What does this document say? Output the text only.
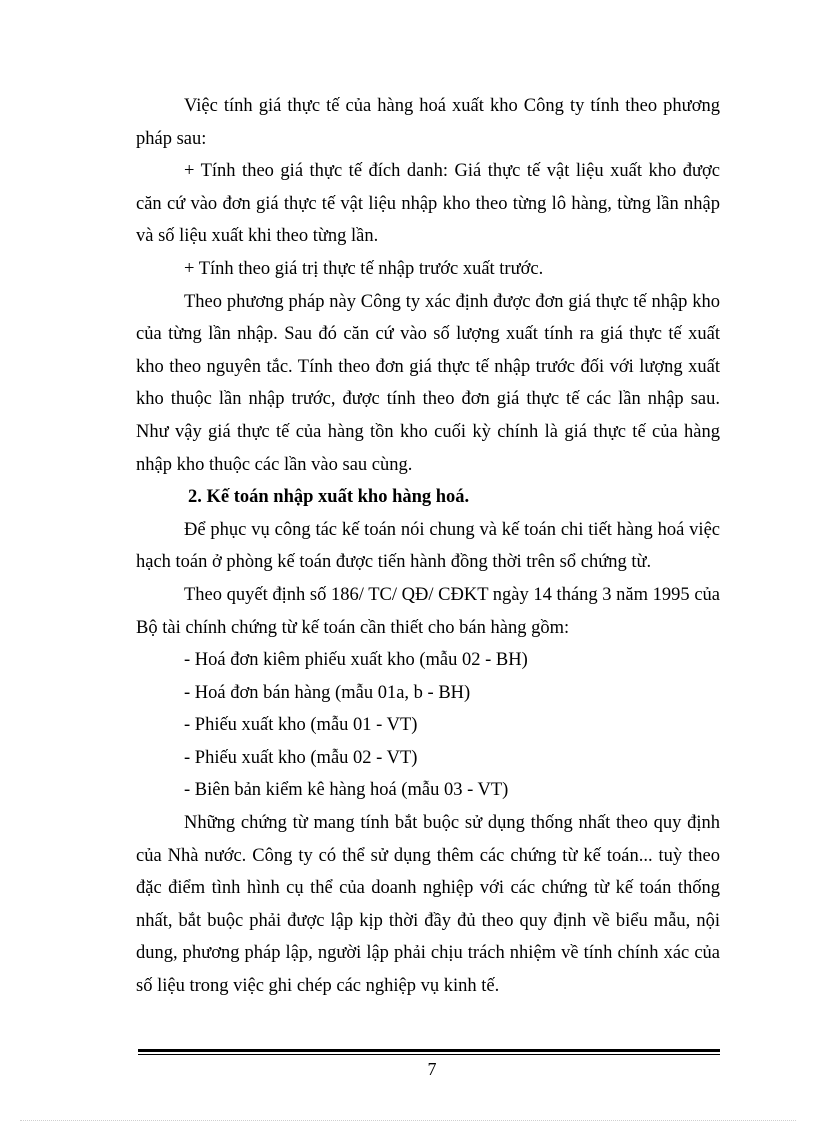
Việc tính giá thực tế của hàng hoá xuất kho Công ty tính theo phương pháp sau:

+ Tính theo giá thực tế đích danh: Giá thực tế vật liệu xuất kho được căn cứ vào đơn giá thực tế vật liệu nhập kho theo từng lô hàng, từng lần nhập và số liệu xuất khi theo từng lần.

+ Tính theo giá trị thực tế nhập trước xuất trước.

Theo phương pháp này Công ty xác định được đơn giá thực tế nhập kho của từng lần nhập. Sau đó căn cứ vào số lượng xuất tính ra giá thực tế xuất kho theo nguyên tắc. Tính theo đơn giá thực tế nhập trước đối với lượng xuất kho thuộc lần nhập trước, được tính theo đơn giá thực tế các lần nhập sau. Như vậy giá thực tế của hàng tồn kho cuối kỳ chính là giá thực tế của hàng nhập kho thuộc các lần vào sau cùng.

2. Kế toán nhập xuất kho hàng hoá.

Để phục vụ công tác kế toán nói chung và kế toán chi tiết hàng hoá việc hạch toán ở phòng kế toán được tiến hành đồng thời trên sổ chứng từ.

Theo quyết định số 186/ TC/ QĐ/ CĐKT ngày 14 tháng 3 năm 1995 của Bộ tài chính chứng từ kế toán cần thiết cho bán hàng gồm:

- Hoá đơn kiêm phiếu xuất kho (mẫu 02 - BH)

- Hoá đơn bán hàng (mẫu 01a, b - BH)

- Phiếu xuất kho (mẫu 01 - VT)

- Phiếu xuất kho (mẫu 02 - VT)

- Biên bản kiểm kê hàng hoá (mẫu 03 - VT)

Những chứng từ mang tính bắt buộc sử dụng thống nhất theo quy định của Nhà nước. Công ty có thể sử dụng thêm các chứng từ kế toán... tuỳ theo đặc điểm tình hình cụ thể của doanh nghiệp với các chứng từ kế toán thống nhất, bắt buộc phải được lập kịp thời đầy đủ theo quy định về biểu mẫu, nội dung, phương pháp lập, người lập phải chịu trách nhiệm về tính chính xác của số liệu trong việc ghi chép các nghiệp vụ kinh tế.

7
